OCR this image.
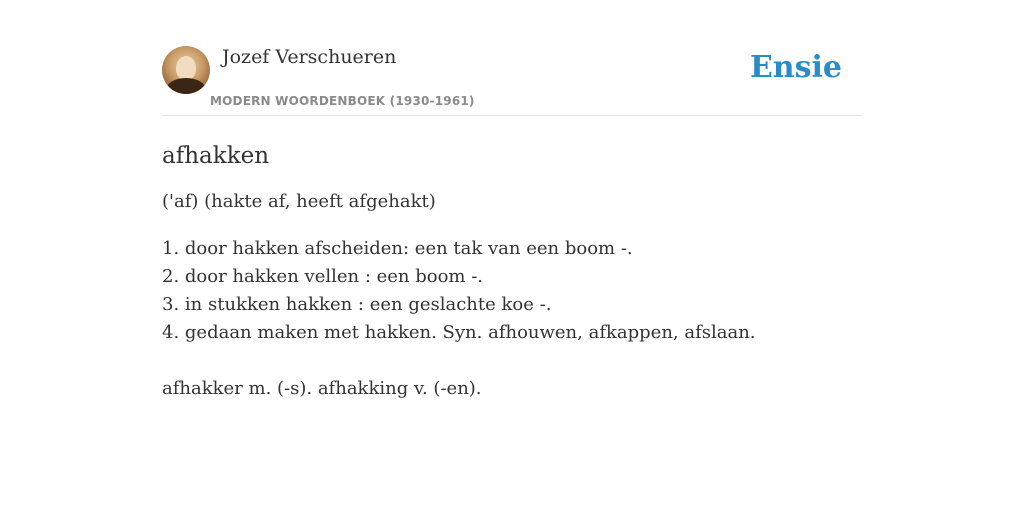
Jozef Verschueren
MODERN WOORDENBOEK (1930-1961)
Ensie
afhakken

('af) (hakte af, heeft afgehakt)

1. door hakken afscheiden: een tak van een boom -.
2. door hakken vellen : een boom -.
3. in stukken hakken : een geslachte koe -.
4. gedaan maken met hakken. Syn. afhouwen, afkappen, afslaan.

afhakker m. (-s). afhakking v. (-en).
